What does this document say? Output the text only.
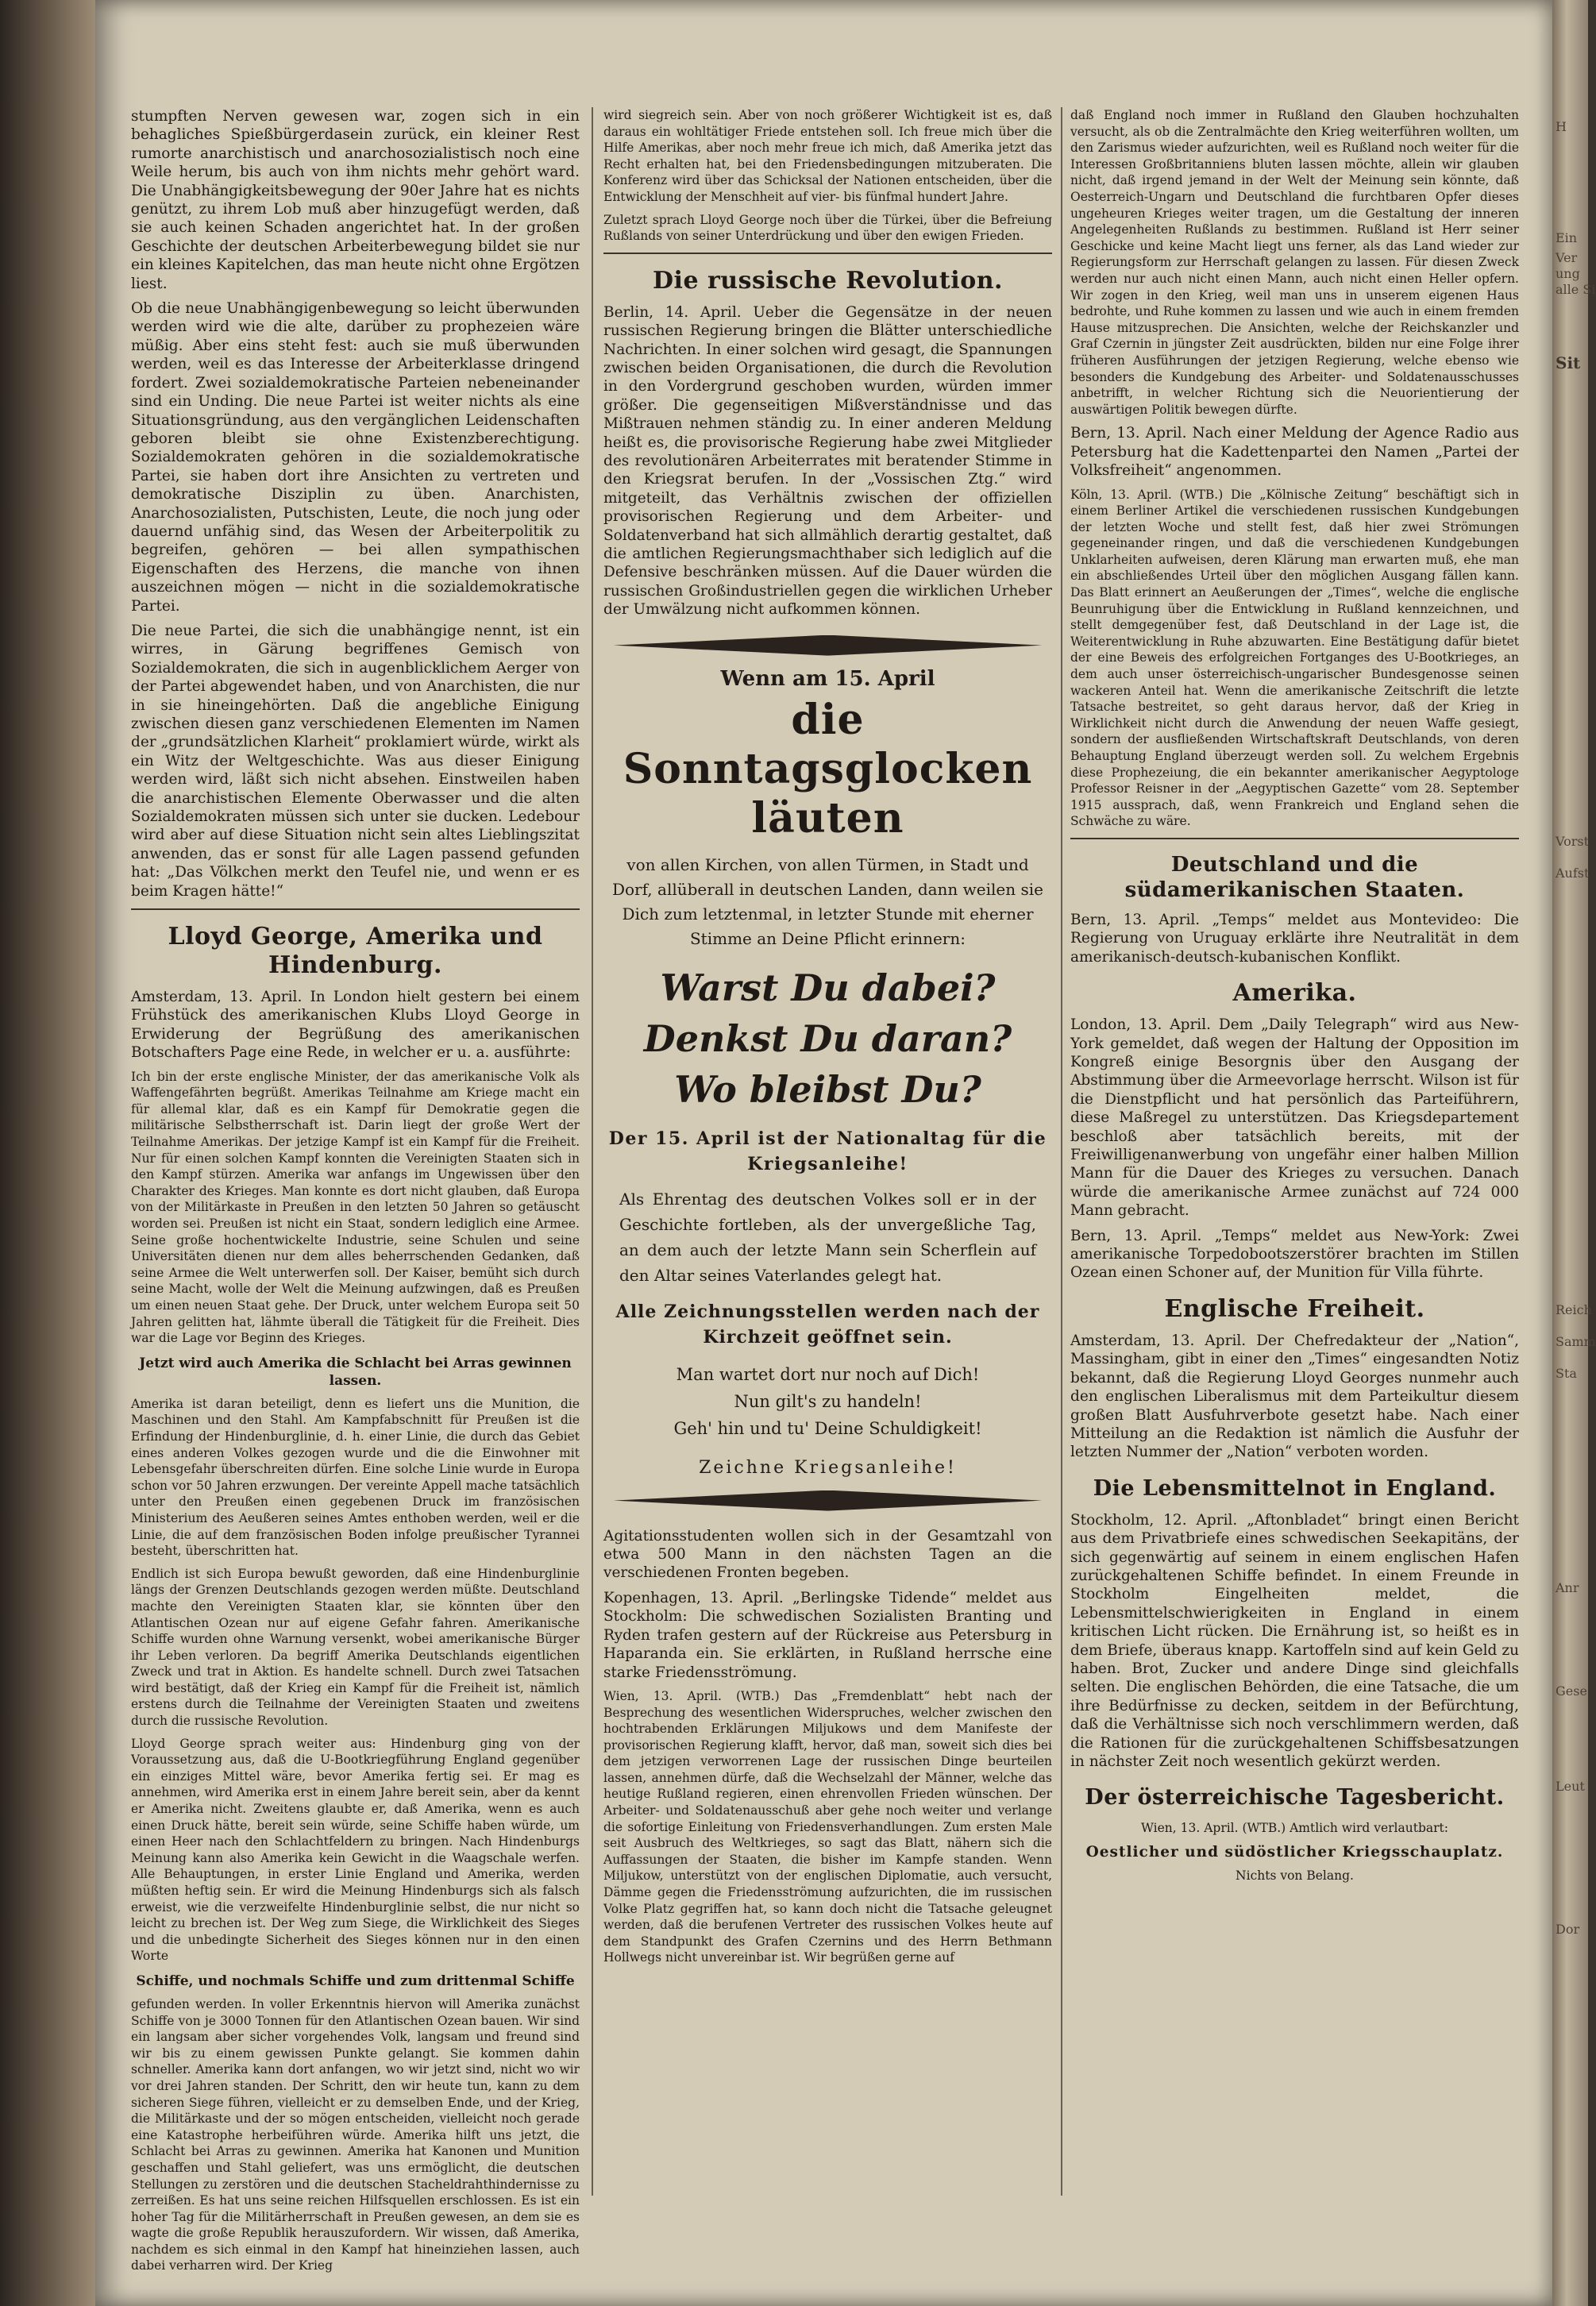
stumpften Nerven gewesen war, zogen sich in ein behagliches Spießbürgerdasein zurück, ein kleiner Rest rumorte anarchistisch und anarchosozialistisch noch eine Weile herum, bis auch von ihm nichts mehr gehört ward. Die Unabhängigkeitsbewegung der 90er Jahre hat es nichts genützt, zu ihrem Lob muß aber hinzugefügt werden, daß sie auch keinen Schaden angerichtet hat. In der großen Geschichte der deutschen Arbeiterbewegung bildet sie nur ein kleines Kapitelchen, das man heute nicht ohne Ergötzen liest.

Ob die neue Unabhängigenbewegung so leicht überwunden werden wird wie die alte, darüber zu prophezeien wäre müßig. Aber eins steht fest: auch sie muß überwunden werden, weil es das Interesse der Arbeiterklasse dringend fordert. Zwei sozialdemokratische Parteien nebeneinander sind ein Unding. Die neue Partei ist weiter nichts als eine Situationsgründung, aus den vergänglichen Leidenschaften geboren bleibt sie ohne Existenzberechtigung. Sozialdemokraten gehören in die sozialdemokratische Partei, sie haben dort ihre Ansichten zu vertreten und demokratische Disziplin zu üben. Anarchisten, Anarchosozialisten, Putschisten, Leute, die noch jung oder dauernd unfähig sind, das Wesen der Arbeiterpolitik zu begreifen, gehören — bei allen sympathischen Eigenschaften des Herzens, die manche von ihnen auszeichnen mögen — nicht in die sozialdemokratische Partei.

Die neue Partei, die sich die unabhängige nennt, ist ein wirres, in Gärung begriffenes Gemisch von Sozialdemokraten, die sich in augenblicklichem Aerger von der Partei abgewendet haben, und von Anarchisten, die nur in sie hineingehörten. Daß die angebliche Einigung zwischen diesen ganz verschiedenen Elementen im Namen der „grundsätzlichen Klarheit“ proklamiert würde, wirkt als ein Witz der Weltgeschichte. Was aus dieser Einigung werden wird, läßt sich nicht absehen. Einstweilen haben die anarchistischen Elemente Oberwasser und die alten Sozialdemokraten müssen sich unter sie ducken. Ledebour wird aber auf diese Situation nicht sein altes Lieblingszitat anwenden, das er sonst für alle Lagen passend gefunden hat: „Das Völkchen merkt den Teufel nie, und wenn er es beim Kragen hätte!“

Lloyd George, Amerika und Hindenburg.

Amsterdam, 13. April. In London hielt gestern bei einem Frühstück des amerikanischen Klubs Lloyd George in Erwiderung der Begrüßung des amerikanischen Botschafters Page eine Rede, in welcher er u. a. ausführte:

Ich bin der erste englische Minister, der das amerikanische Volk als Waffengefährten begrüßt. Amerikas Teilnahme am Kriege macht ein für allemal klar, daß es ein Kampf für Demokratie gegen die militärische Selbstherrschaft ist. Darin liegt der große Wert der Teilnahme Amerikas. Der jetzige Kampf ist ein Kampf für die Freiheit. Nur für einen solchen Kampf konnten die Vereinigten Staaten sich in den Kampf stürzen. Amerika war anfangs im Ungewissen über den Charakter des Krieges. Man konnte es dort nicht glauben, daß Europa von der Militärkaste in Preußen in den letzten 50 Jahren so getäuscht worden sei. Preußen ist nicht ein Staat, sondern lediglich eine Armee. Seine große hochentwickelte Industrie, seine Schulen und seine Universitäten dienen nur dem alles beherrschenden Gedanken, daß seine Armee die Welt unterwerfen soll. Der Kaiser, bemüht sich durch seine Macht, wolle der Welt die Meinung aufzwingen, daß es Preußen um einen neuen Staat gehe. Der Druck, unter welchem Europa seit 50 Jahren gelitten hat, lähmte überall die Tätigkeit für die Freiheit. Dies war die Lage vor Beginn des Krieges.

Jetzt wird auch Amerika die Schlacht bei Arras gewinnen lassen.

Amerika ist daran beteiligt, denn es liefert uns die Munition, die Maschinen und den Stahl. Am Kampfabschnitt für Preußen ist die Erfindung der Hindenburglinie, d. h. einer Linie, die durch das Gebiet eines anderen Volkes gezogen wurde und die die Einwohner mit Lebensgefahr überschreiten dürfen. Eine solche Linie wurde in Europa schon vor 50 Jahren erzwungen. Der vereinte Appell mache tatsächlich unter den Preußen einen gegebenen Druck im französischen Ministerium des Aeußeren seines Amtes enthoben werden, weil er die Linie, die auf dem französischen Boden infolge preußischer Tyrannei besteht, überschritten hat.

Endlich ist sich Europa bewußt geworden, daß eine Hindenburglinie längs der Grenzen Deutschlands gezogen werden müßte. Deutschland machte den Vereinigten Staaten klar, sie könnten über den Atlantischen Ozean nur auf eigene Gefahr fahren. Amerikanische Schiffe wurden ohne Warnung versenkt, wobei amerikanische Bürger ihr Leben verloren. Da begriff Amerika Deutschlands eigentlichen Zweck und trat in Aktion. Es handelte schnell. Durch zwei Tatsachen wird bestätigt, daß der Krieg ein Kampf für die Freiheit ist, nämlich erstens durch die Teilnahme der Vereinigten Staaten und zweitens durch die russische Revolution.

Lloyd George sprach weiter aus: Hindenburg ging von der Voraussetzung aus, daß die U-Bootkriegführung England gegenüber ein einziges Mittel wäre, bevor Amerika fertig sei. Er mag es annehmen, wird Amerika erst in einem Jahre bereit sein, aber da kennt er Amerika nicht. Zweitens glaubte er, daß Amerika, wenn es auch einen Druck hätte, bereit sein würde, seine Schiffe haben würde, um einen Heer nach den Schlachtfeldern zu bringen. Nach Hindenburgs Meinung kann also Amerika kein Gewicht in die Waagschale werfen. Alle Behauptungen, in erster Linie England und Amerika, werden müßten heftig sein. Er wird die Meinung Hindenburgs sich als falsch erweist, wie die verzweifelte Hindenburglinie selbst, die nur nicht so leicht zu brechen ist. Der Weg zum Siege, die Wirklichkeit des Sieges und die unbedingte Sicherheit des Sieges können nur in den einen Worte

Schiffe, und nochmals Schiffe und zum drittenmal Schiffe

gefunden werden. In voller Erkenntnis hiervon will Amerika zunächst Schiffe von je 3000 Tonnen für den Atlantischen Ozean bauen. Wir sind ein langsam aber sicher vorgehendes Volk, langsam und freund sind wir bis zu einem gewissen Punkte gelangt. Sie kommen dahin schneller. Amerika kann dort anfangen, wo wir jetzt sind, nicht wo wir vor drei Jahren standen. Der Schritt, den wir heute tun, kann zu dem sicheren Siege führen, vielleicht er zu demselben Ende, und der Krieg, die Militärkaste und der so mögen entscheiden, vielleicht noch gerade eine Katastrophe herbeiführen würde. Amerika hilft uns jetzt, die Schlacht bei Arras zu gewinnen. Amerika hat Kanonen und Munition geschaffen und Stahl geliefert, was uns ermöglicht, die deutschen Stellungen zu zerstören und die deutschen Stacheldrahthindernisse zu zerreißen. Es hat uns seine reichen Hilfsquellen erschlossen. Es ist ein hoher Tag für die Militärherrschaft in Preußen gewesen, an dem sie es wagte die große Republik herauszufordern. Wir wissen, daß Amerika, nachdem es sich einmal in den Kampf hat hineinziehen lassen, auch dabei verharren wird. Der Krieg

wird siegreich sein. Aber von noch größerer Wichtigkeit ist es, daß daraus ein wohltätiger Friede entstehen soll. Ich freue mich über die Hilfe Amerikas, aber noch mehr freue ich mich, daß Amerika jetzt das Recht erhalten hat, bei den Friedensbedingungen mitzuberaten. Die Konferenz wird über das Schicksal der Nationen entscheiden, über die Entwicklung der Menschheit auf vier- bis fünfmal hundert Jahre.

Zuletzt sprach Lloyd George noch über die Türkei, über die Befreiung Rußlands von seiner Unterdrückung und über den ewigen Frieden.

Die russische Revolution.

Berlin, 14. April. Ueber die Gegensätze in der neuen russischen Regierung bringen die Blätter unterschiedliche Nachrichten. In einer solchen wird gesagt, die Spannungen zwischen beiden Organisationen, die durch die Revolution in den Vordergrund geschoben wurden, würden immer größer. Die gegenseitigen Mißverständnisse und das Mißtrauen nehmen ständig zu. In einer anderen Meldung heißt es, die provisorische Regierung habe zwei Mitglieder des revolutionären Arbeiterrates mit beratender Stimme in den Kriegsrat berufen. In der „Vossischen Ztg.“ wird mitgeteilt, das Verhältnis zwischen der offiziellen provisorischen Regierung und dem Arbeiter- und Soldatenverband hat sich allmählich derartig gestaltet, daß die amtlichen Regierungsmachthaber sich lediglich auf die Defensive beschränken müssen. Auf die Dauer würden die russischen Großindustriellen gegen die wirklichen Urheber der Umwälzung nicht aufkommen können.

Wenn am 15. April
die Sonntagsglocken
läuten
von allen Kirchen, von allen Türmen, in Stadt und Dorf, allüberall in deutschen Landen, dann weilen sie Dich zum letztenmal, in letzter Stunde mit eherner Stimme an Deine Pflicht erinnern:
Warst Du dabei?
Denkst Du daran?
Wo bleibst Du?
Der 15. April ist der Nationaltag für die Kriegsanleihe!
Als Ehrentag des deutschen Volkes soll er in der Geschichte fortleben, als der unvergeßliche Tag, an dem auch der letzte Mann sein Scherflein auf den Altar seines Vaterlandes gelegt hat.
Alle Zeichnungsstellen werden nach der Kirchzeit geöffnet sein.
Man wartet dort nur noch auf Dich!
Nun gilt's zu handeln!
Geh' hin und tu' Deine Schuldigkeit!
Zeichne Kriegsanleihe!

Agitationsstudenten wollen sich in der Gesamtzahl von etwa 500 Mann in den nächsten Tagen an die verschiedenen Fronten begeben.

Kopenhagen, 13. April. „Berlingske Tidende“ meldet aus Stockholm: Die schwedischen Sozialisten Branting und Ryden trafen gestern auf der Rückreise aus Petersburg in Haparanda ein. Sie erklärten, in Rußland herrsche eine starke Friedensströmung.

Wien, 13. April. (WTB.) Das „Fremdenblatt“ hebt nach der Besprechung des wesentlichen Widerspruches, welcher zwischen den hochtrabenden Erklärungen Miljukows und dem Manifeste der provisorischen Regierung klafft, hervor, daß man, soweit sich dies bei dem jetzigen verworrenen Lage der russischen Dinge beurteilen lassen, annehmen dürfe, daß die Wechselzahl der Männer, welche das heutige Rußland regieren, einen ehrenvollen Frieden wünschen. Der Arbeiter- und Soldatenausschuß aber gehe noch weiter und verlange die sofortige Einleitung von Friedensverhandlungen. Zum ersten Male seit Ausbruch des Weltkrieges, so sagt das Blatt, nähern sich die Auffassungen der Staaten, die bisher im Kampfe standen. Wenn Miljukow, unterstützt von der englischen Diplomatie, auch versucht, Dämme gegen die Friedensströmung aufzurichten, die im russischen Volke Platz gegriffen hat, so kann doch nicht die Tatsache geleugnet werden, daß die berufenen Vertreter des russischen Volkes heute auf dem Standpunkt des Grafen Czernins und des Herrn Bethmann Hollwegs nicht unvereinbar ist. Wir begrüßen gerne auf

daß England noch immer in Rußland den Glauben hochzuhalten versucht, als ob die Zentralmächte den Krieg weiterführen wollten, um den Zarismus wieder aufzurichten, weil es Rußland noch weiter für die Interessen Großbritanniens bluten lassen möchte, allein wir glauben nicht, daß irgend jemand in der Welt der Meinung sein könnte, daß Oesterreich-Ungarn und Deutschland die furchtbaren Opfer dieses ungeheuren Krieges weiter tragen, um die Gestaltung der inneren Angelegenheiten Rußlands zu bestimmen. Rußland ist Herr seiner Geschicke und keine Macht liegt uns ferner, als das Land wieder zur Regierungsform zur Herrschaft gelangen zu lassen. Für diesen Zweck werden nur auch nicht einen Mann, auch nicht einen Heller opfern. Wir zogen in den Krieg, weil man uns in unserem eigenen Haus bedrohte, und Ruhe kommen zu lassen und wie auch in einem fremden Hause mitzusprechen. Die Ansichten, welche der Reichskanzler und Graf Czernin in jüngster Zeit ausdrückten, bilden nur eine Folge ihrer früheren Ausführungen der jetzigen Regierung, welche ebenso wie besonders die Kundgebung des Arbeiter- und Soldatenausschusses anbetrifft, in welcher Richtung sich die Neuorientierung der auswärtigen Politik bewegen dürfte.

Bern, 13. April. Nach einer Meldung der Agence Radio aus Petersburg hat die Kadettenpartei den Namen „Partei der Volksfreiheit“ angenommen.

Köln, 13. April. (WTB.) Die „Kölnische Zeitung“ beschäftigt sich in einem Berliner Artikel die verschiedenen russischen Kundgebungen der letzten Woche und stellt fest, daß hier zwei Strömungen gegeneinander ringen, und daß die verschiedenen Kundgebungen Unklarheiten aufweisen, deren Klärung man erwarten muß, ehe man ein abschließendes Urteil über den möglichen Ausgang fällen kann. Das Blatt erinnert an Aeußerungen der „Times“, welche die englische Beunruhigung über die Entwicklung in Rußland kennzeichnen, und stellt demgegenüber fest, daß Deutschland in der Lage ist, die Weiterentwicklung in Ruhe abzuwarten. Eine Bestätigung dafür bietet der eine Beweis des erfolgreichen Fortganges des U-Bootkrieges, an dem auch unser österreichisch-ungarischer Bundesgenosse seinen wackeren Anteil hat. Wenn die amerikanische Zeitschrift die letzte Tatsache bestreitet, so geht daraus hervor, daß der Krieg in Wirklichkeit nicht durch die Anwendung der neuen Waffe gesiegt, sondern der ausfließenden Wirtschaftskraft Deutschlands, von deren Behauptung England überzeugt werden soll. Zu welchem Ergebnis diese Prophezeiung, die ein bekannter amerikanischer Aegyptologe Professor Reisner in der „Aegyptischen Gazette“ vom 28. September 1915 aussprach, daß, wenn Frankreich und England sehen die Schwäche zu wäre.

Deutschland und die südamerikanischen Staaten.

Bern, 13. April. „Temps“ meldet aus Montevideo: Die Regierung von Uruguay erklärte ihre Neutralität in dem amerikanisch-deutsch-kubanischen Konflikt.

Amerika.

London, 13. April. Dem „Daily Telegraph“ wird aus New-York gemeldet, daß wegen der Haltung der Opposition im Kongreß einige Besorgnis über den Ausgang der Abstimmung über die Armeevorlage herrscht. Wilson ist für die Dienstpflicht und hat persönlich das Parteiführern, diese Maßregel zu unterstützen. Das Kriegsdepartement beschloß aber tatsächlich bereits, mit der Freiwilligenanwerbung von ungefähr einer halben Million Mann für die Dauer des Krieges zu versuchen. Danach würde die amerikanische Armee zunächst auf 724 000 Mann gebracht.

Bern, 13. April. „Temps“ meldet aus New-York: Zwei amerikanische Torpedobootszerstörer brachten im Stillen Ozean einen Schoner auf, der Munition für Villa führte.

Englische Freiheit.

Amsterdam, 13. April. Der Chefredakteur der „Nation“, Massingham, gibt in einer den „Times“ eingesandten Notiz bekannt, daß die Regierung Lloyd Georges nunmehr auch den englischen Liberalismus mit dem Parteikultur diesem großen Blatt Ausfuhrverbote gesetzt habe. Nach einer Mitteilung an die Redaktion ist nämlich die Ausfuhr der letzten Nummer der „Nation“ verboten worden.

Die Lebensmittelnot in England.

Stockholm, 12. April. „Aftonbladet“ bringt einen Bericht aus dem Privatbriefe eines schwedischen Seekapitäns, der sich gegenwärtig auf seinem in einem englischen Hafen zurückgehaltenen Schiffe befindet. In einem Freunde in Stockholm Eingelheiten meldet, die Lebensmittelschwierigkeiten in England in einem kritischen Licht rücken. Die Ernährung ist, so heißt es in dem Briefe, überaus knapp. Kartoffeln sind auf kein Geld zu haben. Brot, Zucker und andere Dinge sind gleichfalls selten. Die englischen Behörden, die eine Tatsache, die um ihre Bedürfnisse zu decken, seitdem in der Befürchtung, daß die Verhältnisse sich noch verschlimmern werden, daß die Rationen für die zurückgehaltenen Schiffsbesatzungen in nächster Zeit noch wesentlich gekürzt werden.

Der österreichische Tagesbericht.

Wien, 13. April. (WTB.) Amtlich wird verlautbart:

Oestlicher und südöstlicher Kriegsschauplatz.

Nichts von Belang.

H
Ein
Ver
ung
alle Si
Sit
Vorst
Aufst
Reich
Samm
Sta
Anr
Gese
Leut
Dor
